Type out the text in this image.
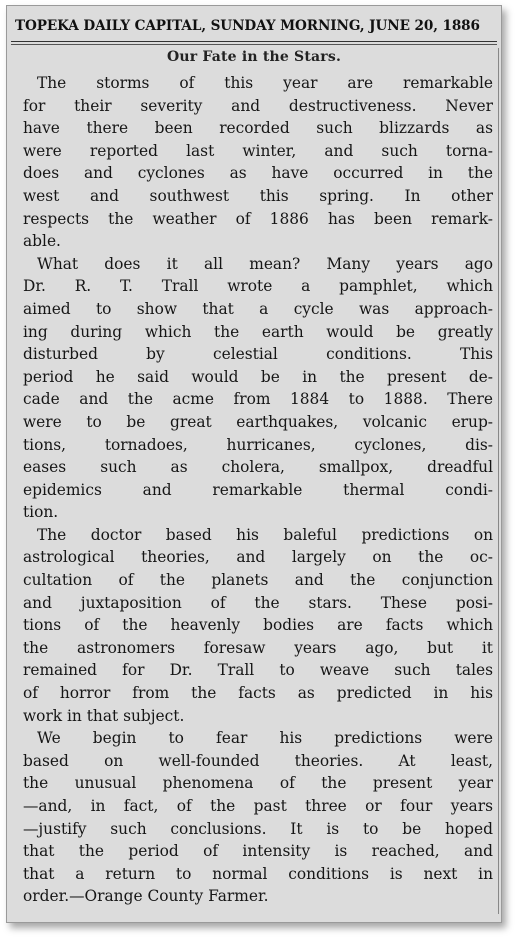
TOPEKA DAILY CAPITAL, SUNDAY MORNING, JUNE 20, 1886
Our Fate in the Stars.
The storms of this year are remarkable
for their severity and destructiveness. Never
have there been recorded such blizzards as
were reported last winter, and such torna-
does and cyclones as have occurred in the
west and southwest this spring. In other
respects the weather of 1886 has been remark-
able.
What does it all mean? Many years ago
Dr. R. T. Trall wrote a pamphlet, which
aimed to show that a cycle was approach-
ing during which the earth would be greatly
disturbed by celestial conditions. This
period he said would be in the present de-
cade and the acme from 1884 to 1888. There
were to be great earthquakes, volcanic erup-
tions, tornadoes, hurricanes, cyclones, dis-
eases such as cholera, smallpox, dreadful
epidemics and remarkable thermal condi-
tion.
The doctor based his baleful predictions on
astrological theories, and largely on the oc-
cultation of the planets and the conjunction
and juxtaposition of the stars. These posi-
tions of the heavenly bodies are facts which
the astronomers foresaw years ago, but it
remained for Dr. Trall to weave such tales
of horror from the facts as predicted in his
work in that subject.
We begin to fear his predictions were
based on well-founded theories. At least,
the unusual phenomena of the present year
—and, in fact, of the past three or four years
—justify such conclusions. It is to be hoped
that the period of intensity is reached, and
that a return to normal conditions is next in
order.—Orange County Farmer.
